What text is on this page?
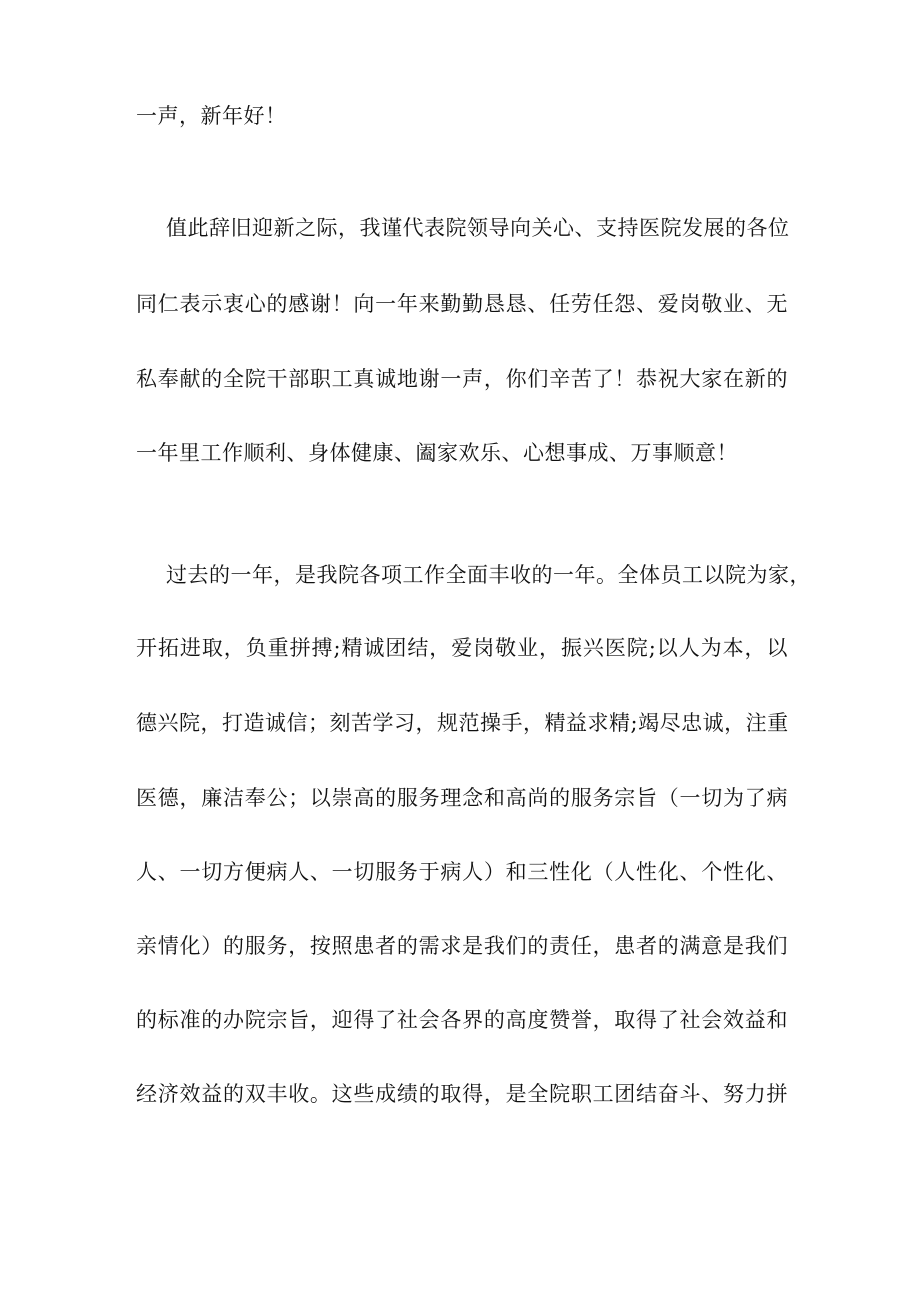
一声，新年好！
值此辞旧迎新之际，我谨代表院领导向关心、支持医院发展的各位
同仁表示衷心的感谢！向一年来勤勤恳恳、任劳任怨、爱岗敬业、无
私奉献的全院干部职工真诚地谢一声，你们辛苦了！恭祝大家在新的
一年里工作顺利、身体健康、阖家欢乐、心想事成、万事顺意！
过去的一年，是我院各项工作全面丰收的一年。全体员工以院为家，
开拓进取，负重拼搏;精诚团结，爱岗敬业，振兴医院;以人为本，以
德兴院，打造诚信；刻苦学习，规范操手，精益求精;竭尽忠诚，注重
医德，廉洁奉公；以崇高的服务理念和高尚的服务宗旨（一切为了病
人、一切方便病人、一切服务于病人）和三性化（人性化、个性化、
亲情化）的服务，按照患者的需求是我们的责任，患者的满意是我们
的标准的办院宗旨，迎得了社会各界的高度赞誉，取得了社会效益和
经济效益的双丰收。这些成绩的取得，是全院职工团结奋斗、努力拼
